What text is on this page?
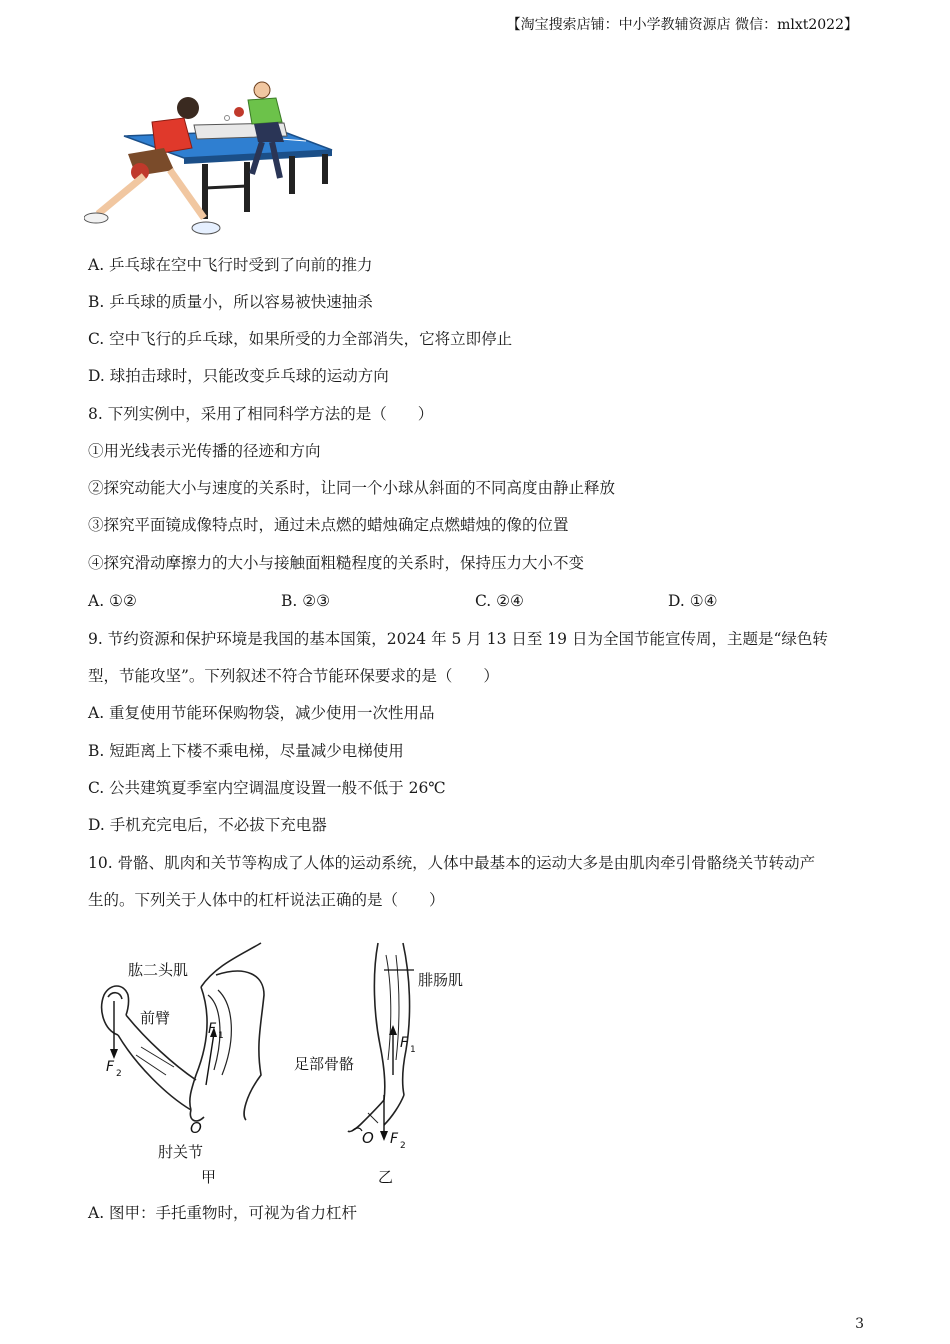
【淘宝搜索店铺：中小学教辅资源店 微信：mlxt2022】
A. 乒乓球在空中飞行时受到了向前的推力
B. 乒乓球的质量小，所以容易被快速抽杀
C. 空中飞行的乒乓球，如果所受的力全部消失，它将立即停止
D. 球拍击球时，只能改变乒乓球的运动方向
8. 下列实例中，采用了相同科学方法的是（　　）
①用光线表示光传播的径迹和方向
②探究动能大小与速度的关系时，让同一个小球从斜面的不同高度由静止释放
③探究平面镜成像特点时，通过未点燃的蜡烛确定点燃蜡烛的像的位置
④探究滑动摩擦力的大小与接触面粗糙程度的关系时，保持压力大小不变
A. ①②	B. ②③	C. ②④	D. ①④
9. 节约资源和保护环境是我国的基本国策，2024 年 5 月 13 日至 19 日为全国节能宣传周，主题是“绿色转
型，节能攻坚”。下列叙述不符合节能环保要求的是（　　）
A. 重复使用节能环保购物袋，减少使用一次性用品
B. 短距离上下楼不乘电梯，尽量减少电梯使用
C. 公共建筑夏季室内空调温度设置一般不低于 26℃
D. 手机充完电后，不必拔下充电器
10. 骨骼、肌肉和关节等构成了人体的运动系统，人体中最基本的运动大多是由肌肉牵引骨骼绕关节转动产
生的。下列关于人体中的杠杆说法正确的是（　　）
肱二头肌
前臂
F 1
F 2
O
肘关节
甲
腓肠肌
F 1
足部骨骼
O F 2
乙
A. 图甲：手托重物时，可视为省力杠杆
3
